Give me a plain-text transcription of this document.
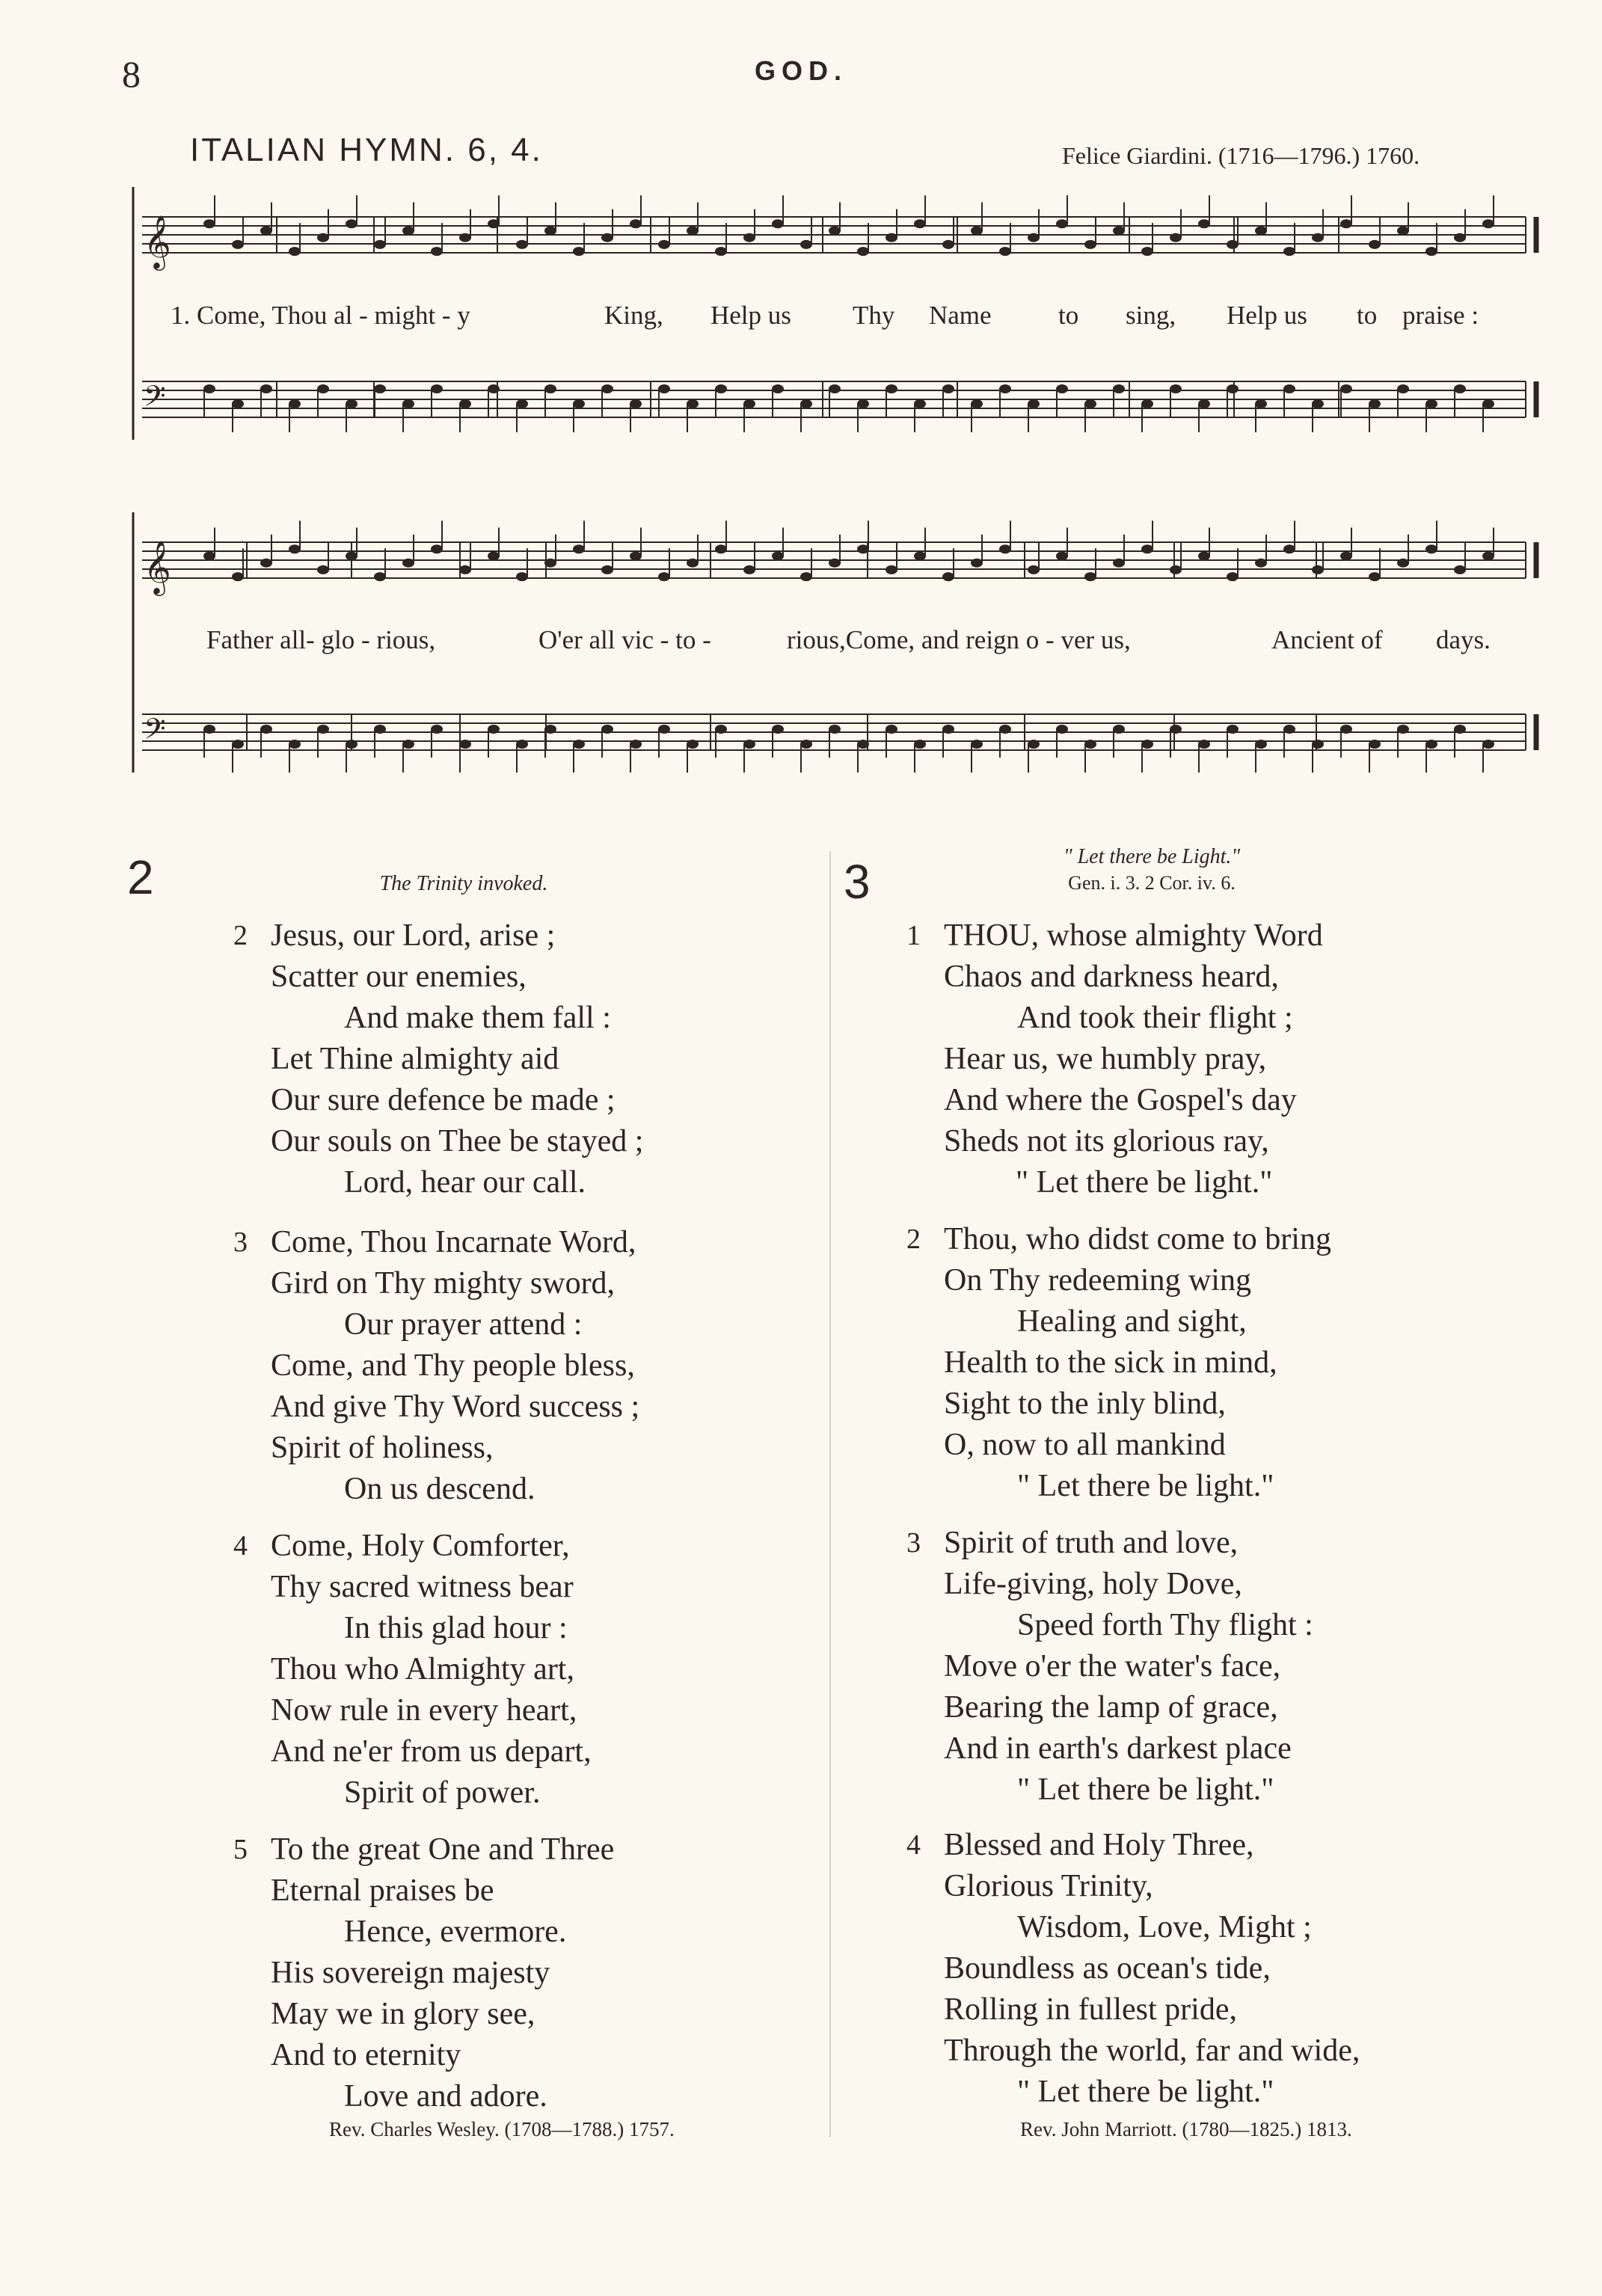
8	GOD.
ITALIAN HYMN. 6, 4.	Felice Giardini. (1716—1796.) 1760.
𝄞
𝄢
𝄞
𝄢
1. Come, Thou al - might - y	King, Help us Thy Name	to sing, Help us to praise :
Father all- glo - rious,	O'er all vic - to -	rious,Come, and reign o - ver us,	Ancient of days.
2	The Trinity invoked.
2 Jesus, our Lord, arise ;
Scatter our enemies,
And make them fall :
Let Thine almighty aid
Our sure defence be made ;
Our souls on Thee be stayed ;
Lord, hear our call.
3 Come, Thou Incarnate Word,
Gird on Thy mighty sword,
Our prayer attend :
Come, and Thy people bless,
And give Thy Word success ;
Spirit of holiness,
On us descend.
4 Come, Holy Comforter,
Thy sacred witness bear
In this glad hour :
Thou who Almighty art,
Now rule in every heart,
And ne'er from us depart,
Spirit of power.
5 To the great One and Three
Eternal praises be
Hence, evermore.
His sovereign majesty
May we in glory see,
And to eternity
Love and adore.
Rev. Charles Wesley. (1708—1788.) 1757.
3	" Let there be Light."
Gen. i. 3. 2 Cor. iv. 6.
1 THOU, whose almighty Word
Chaos and darkness heard,
And took their flight ;
Hear us, we humbly pray,
And where the Gospel's day
Sheds not its glorious ray,
" Let there be light."
2 Thou, who didst come to bring
On Thy redeeming wing
Healing and sight,
Health to the sick in mind,
Sight to the inly blind,
O, now to all mankind
" Let there be light."
3 Spirit of truth and love,
Life-giving, holy Dove,
Speed forth Thy flight :
Move o'er the water's face,
Bearing the lamp of grace,
And in earth's darkest place
" Let there be light."
4 Blessed and Holy Three,
Glorious Trinity,
Wisdom, Love, Might ;
Boundless as ocean's tide,
Rolling in fullest pride,
Through the world, far and wide,
" Let there be light."
Rev. John Marriott. (1780—1825.) 1813.
